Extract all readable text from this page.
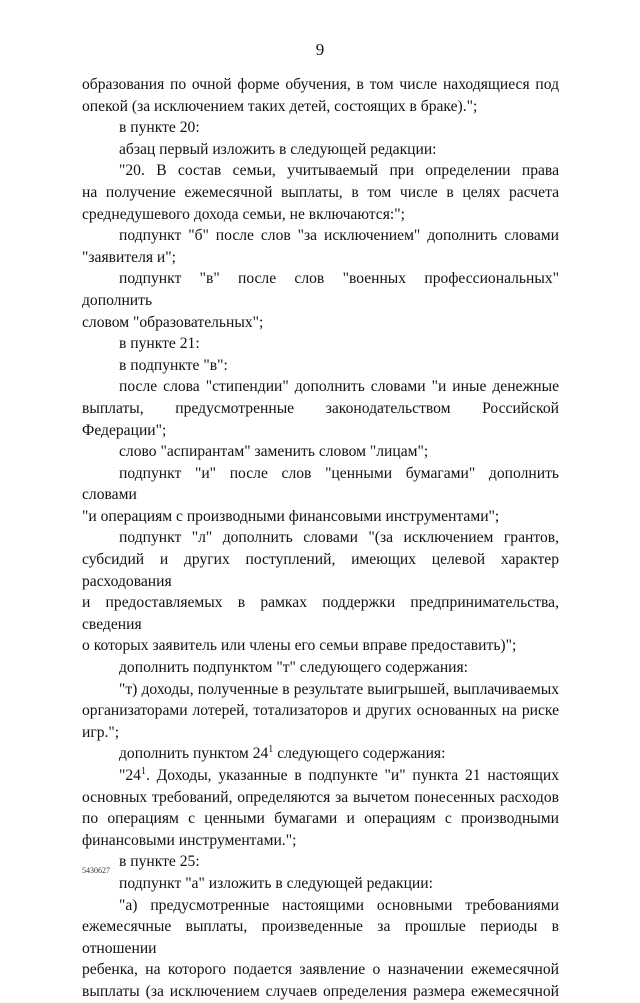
9

образования по очной форме обучения, в том числе находящиеся под
опекой (за исключением таких детей, состоящих в браке).";

в пункте 20:

абзац первый изложить в следующей редакции:

"20. В состав семьи, учитываемый при определении права
на получение ежемесячной выплаты, в том числе в целях расчета
среднедушевого дохода семьи, не включаются:";

подпункт "б" после слов "за исключением" дополнить словами
"заявителя и";

подпункт "в" после слов "военных профессиональных" дополнить
словом "образовательных";

в пункте 21:

в подпункте "в":

после слова "стипендии" дополнить словами "и иные денежные
выплаты, предусмотренные законодательством Российской Федерации";

слово "аспирантам" заменить словом "лицам";

подпункт "и" после слов "ценными бумагами" дополнить словами
"и операциям с производными финансовыми инструментами";

подпункт "л" дополнить словами "(за исключением грантов,
субсидий и других поступлений, имеющих целевой характер расходования
и предоставляемых в рамках поддержки предпринимательства, сведения
о которых заявитель или члены его семьи вправе предоставить)";

дополнить подпунктом "т" следующего содержания:

"т) доходы, полученные в результате выигрышей, выплачиваемых
организаторами лотерей, тотализаторов и других основанных на риске
игр.";

дополнить пунктом $24^1$ следующего содержания:

"$24^1$. Доходы, указанные в подпункте "и" пункта 21 настоящих
основных требований, определяются за вычетом понесенных расходов
по операциям с ценными бумагами и операциям с производными
финансовыми инструментами.";

в пункте 25:

подпункт "а" изложить в следующей редакции:

"а) предусмотренные настоящими основными требованиями
ежемесячные выплаты, произведенные за прошлые периоды в отношении
ребенка, на которого подается заявление о назначении ежемесячной
выплаты (за исключением случаев определения размера ежемесячной

5430627
